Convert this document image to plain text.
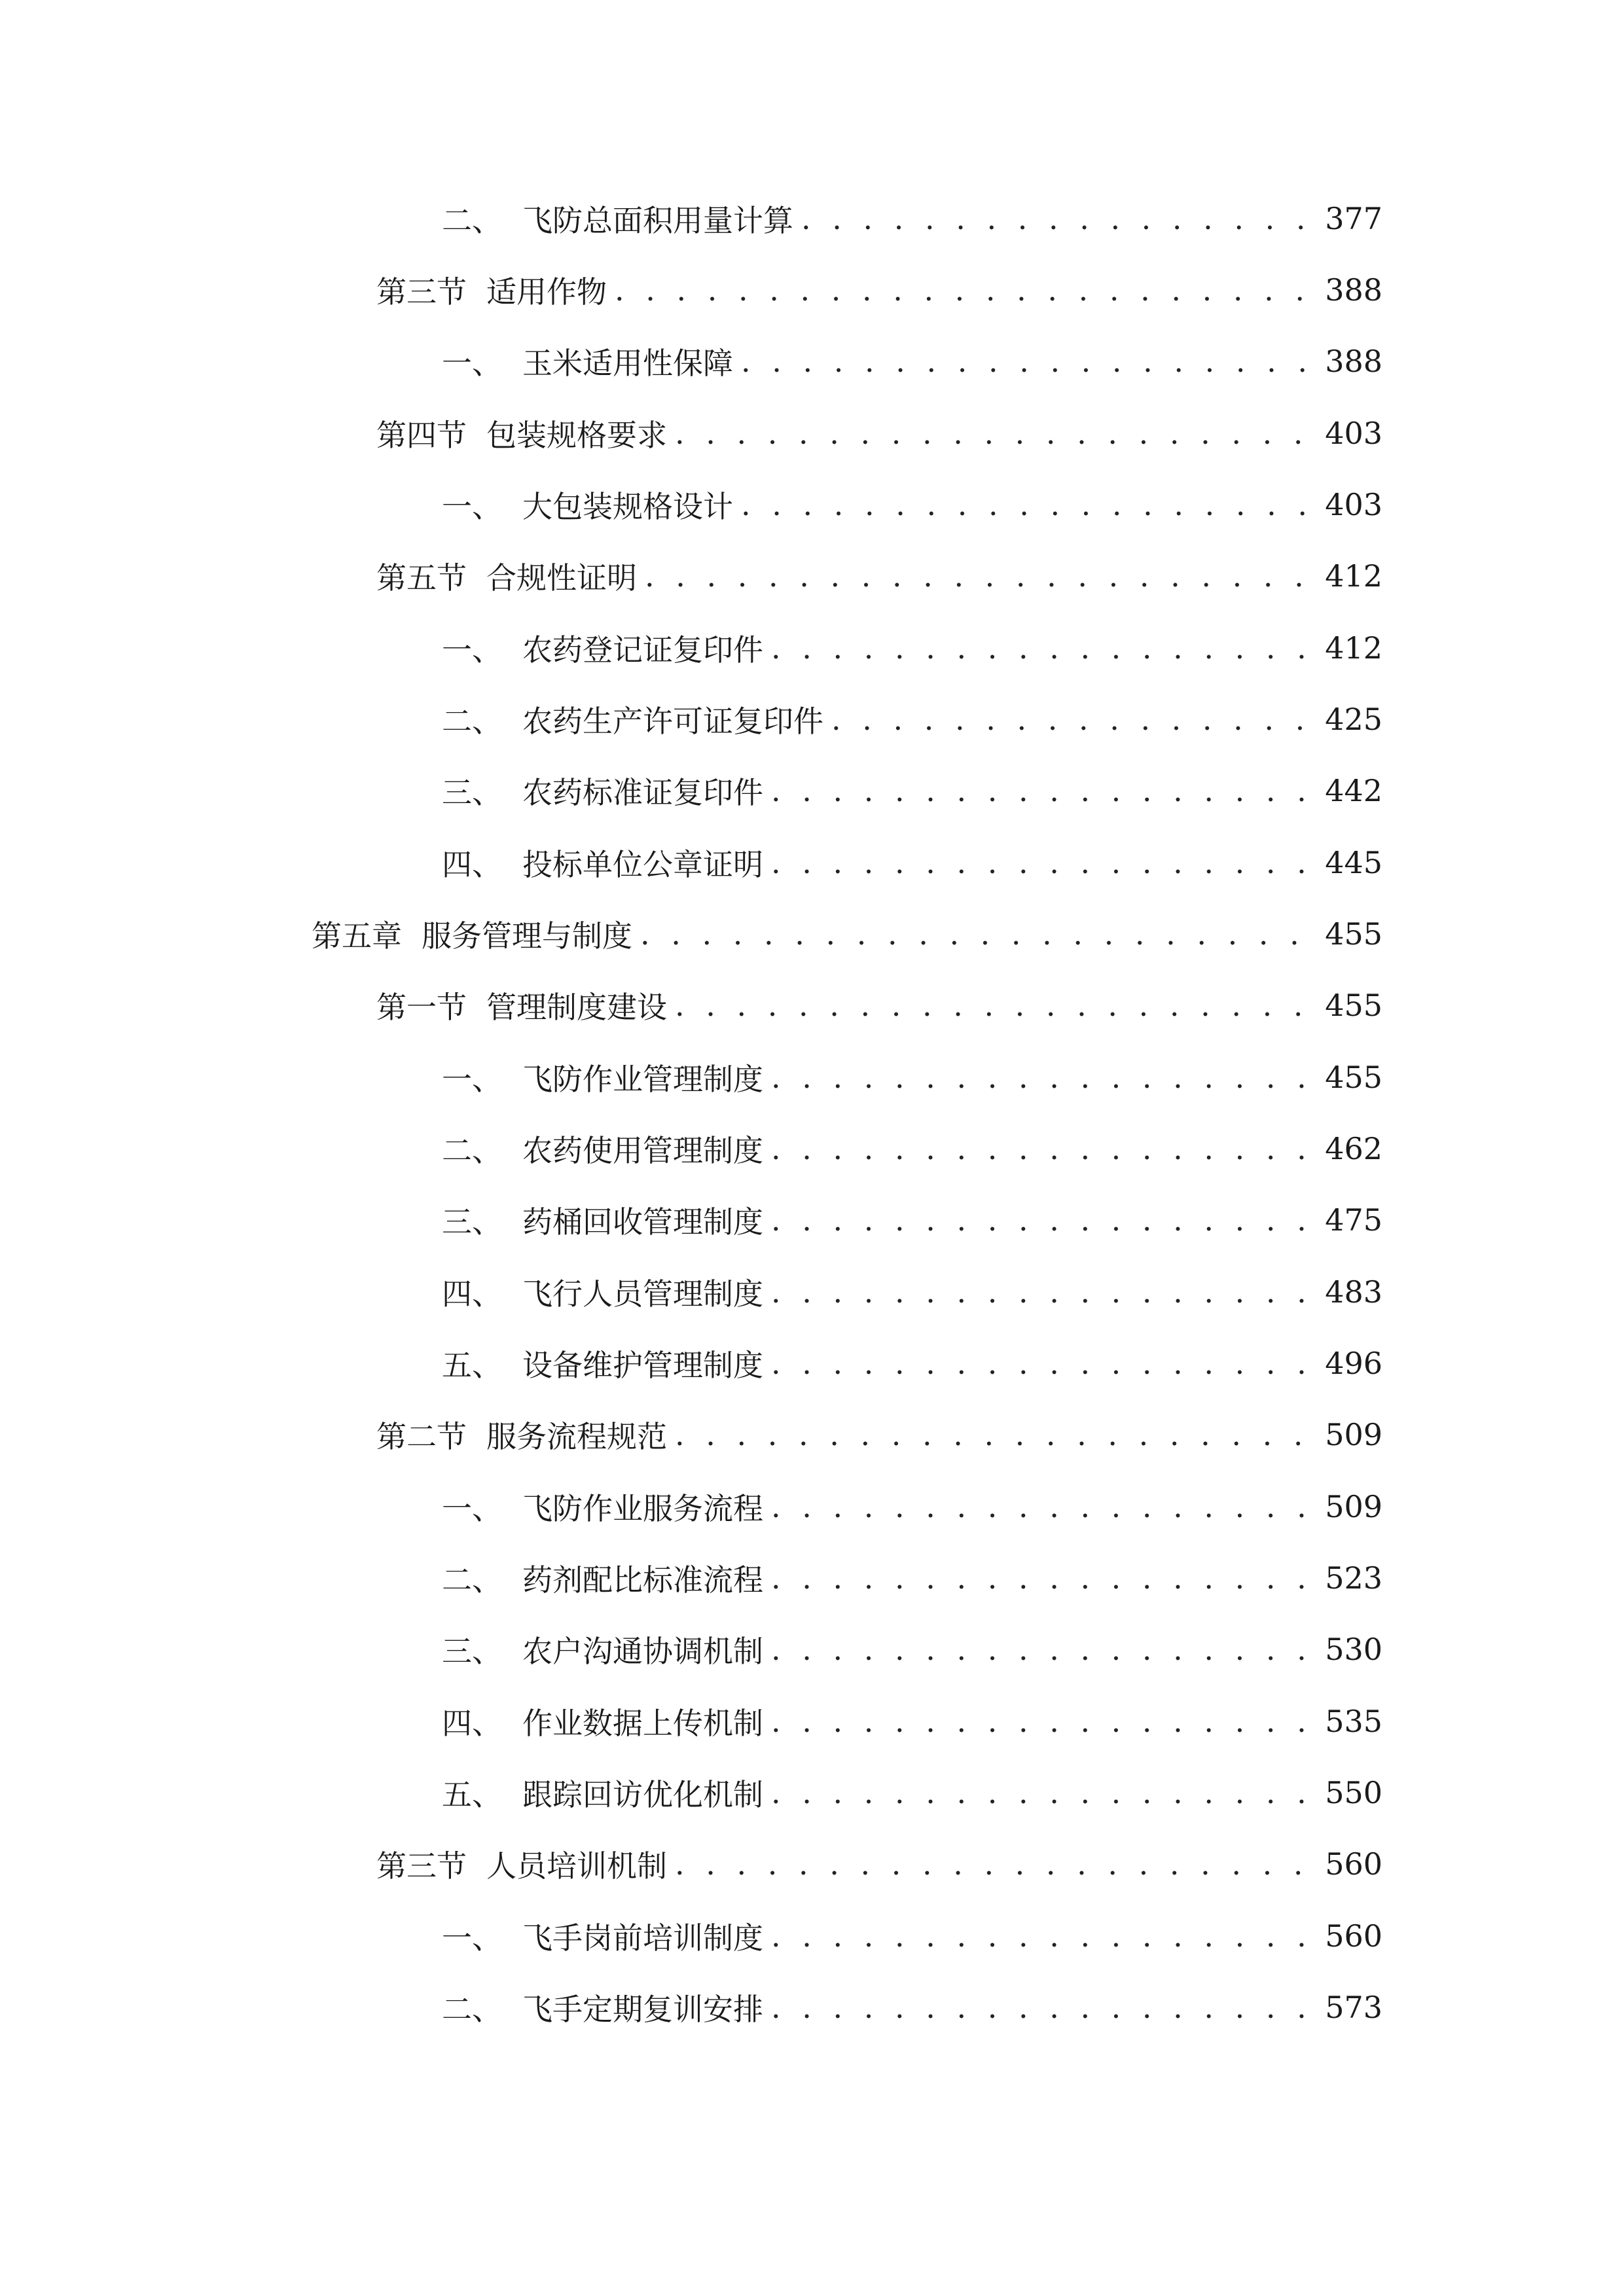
二、 飞防总面积用量计算 . . .	377
第三节 适用作物 . . .	388
一、 玉米适用性保障 . . .	388
第四节 包装规格要求 . . .	403
一、 大包装规格设计 . . .	403
第五节 合规性证明 . . .	412
一、 农药登记证复印件 . . .	412
二、 农药生产许可证复印件 . . .	425
三、 农药标准证复印件 . . .	442
四、 投标单位公章证明 . . .	445
第五章 服务管理与制度 . . .	455
第一节 管理制度建设 . . .	455
一、 飞防作业管理制度 . . .	455
二、 农药使用管理制度 . . .	462
三、 药桶回收管理制度 . . .	475
四、 飞行人员管理制度 . . .	483
五、 设备维护管理制度 . . .	496
第二节 服务流程规范 . . .	509
一、 飞防作业服务流程 . . .	509
二、 药剂配比标准流程 . . .	523
三、 农户沟通协调机制 . . .	530
四、 作业数据上传机制 . . .	535
五、 跟踪回访优化机制 . . .	550
第三节 人员培训机制 . . .	560
一、 飞手岗前培训制度 . . .	560
二、 飞手定期复训安排 . . .	573
